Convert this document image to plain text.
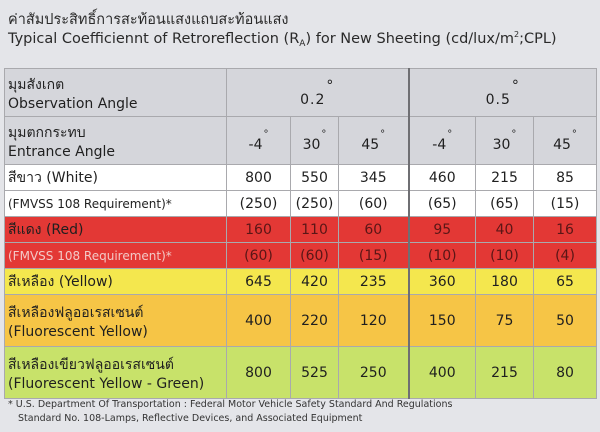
ค่าสัมประสิทธิ์การสะท้อนแสงแถบสะท้อนแสง
Typical Coefficiennt of Retroreflection $(R_A)$ for New Sheeting $(cd/lux/m^2;CPL)$
มุมสังเกต
Observation Angle	0.2°			0.5°		

มุมตกกระทบ
Entrance Angle	-4°	30°	45°	-4°	30°	45°
สีขาว (White)	800	550	345	460	215	85
(FMVSS 108 Requirement)*	(250)	(250)	(60)	(65)	(65)	(15)
สีแดง (Red)	160	110	60	95	40	16
(FMVSS 108 Requirement)*	(60)	(60)	(15)	(10)	(10)	(4)
สีเหลือง (Yellow)	645	420	235	360	180	65

สีเหลืองฟลูออเรสเซนต์
(Fluorescent Yellow)	400	220	120	150	75	50

สีเหลืองเขียวฟลูออเรสเซนต์
(Fluorescent Yellow - Green)	800	525	250	400	215	80
* U.S. Department Of Transportation : Federal Motor Vehicle Safety Standard And Regulations
Standard No. 108-Lamps, Reflective Devices, and Associated Equipment
